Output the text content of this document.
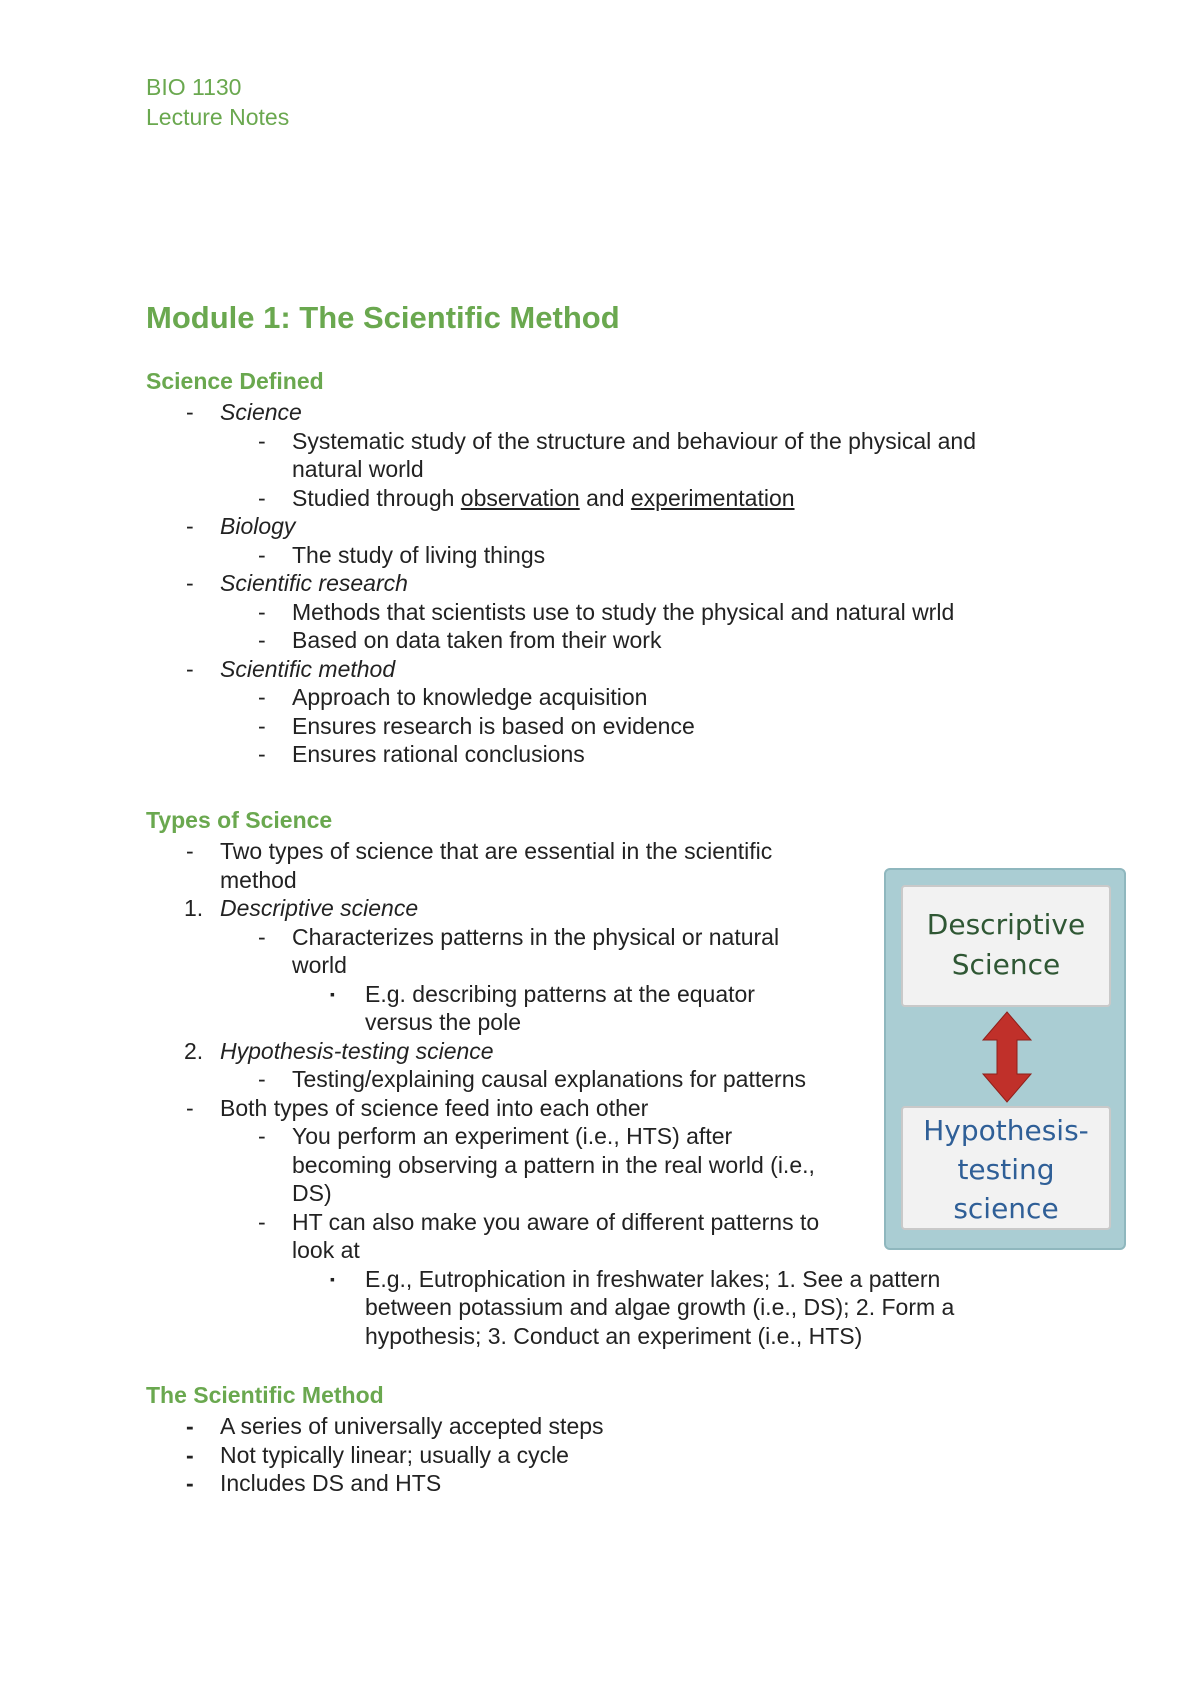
BIO 1130
Lecture Notes
Module 1: The Scientific Method
Science Defined
- Science
- Systematic study of the structure and behaviour of the physical and
natural world
- Studied through observation and experimentation
- Biology
- The study of living things
- Scientific research
- Methods that scientists use to study the physical and natural wrld
- Based on data taken from their work
- Scientific method
- Approach to knowledge acquisition
- Ensures research is based on evidence
- Ensures rational conclusions
Types of Science
- Two types of science that are essential in the scientific
method
1. Descriptive science
- Characterizes patterns in the physical or natural
world
▪ E.g. describing patterns at the equator
versus the pole
2. Hypothesis-testing science
- Testing/explaining causal explanations for patterns
- Both types of science feed into each other
- You perform an experiment (i.e., HTS) after
becoming observing a pattern in the real world (i.e.,
DS)
- HT can also make you aware of different patterns to
look at
▪ E.g., Eutrophication in freshwater lakes; 1. See a pattern
between potassium and algae growth (i.e., DS); 2. Form a
hypothesis; 3. Conduct an experiment (i.e., HTS)
The Scientific Method
- A series of universally accepted steps
- Not typically linear; usually a cycle
- Includes DS and HTS
Descriptive
Science
Hypothesis-
testing
science
